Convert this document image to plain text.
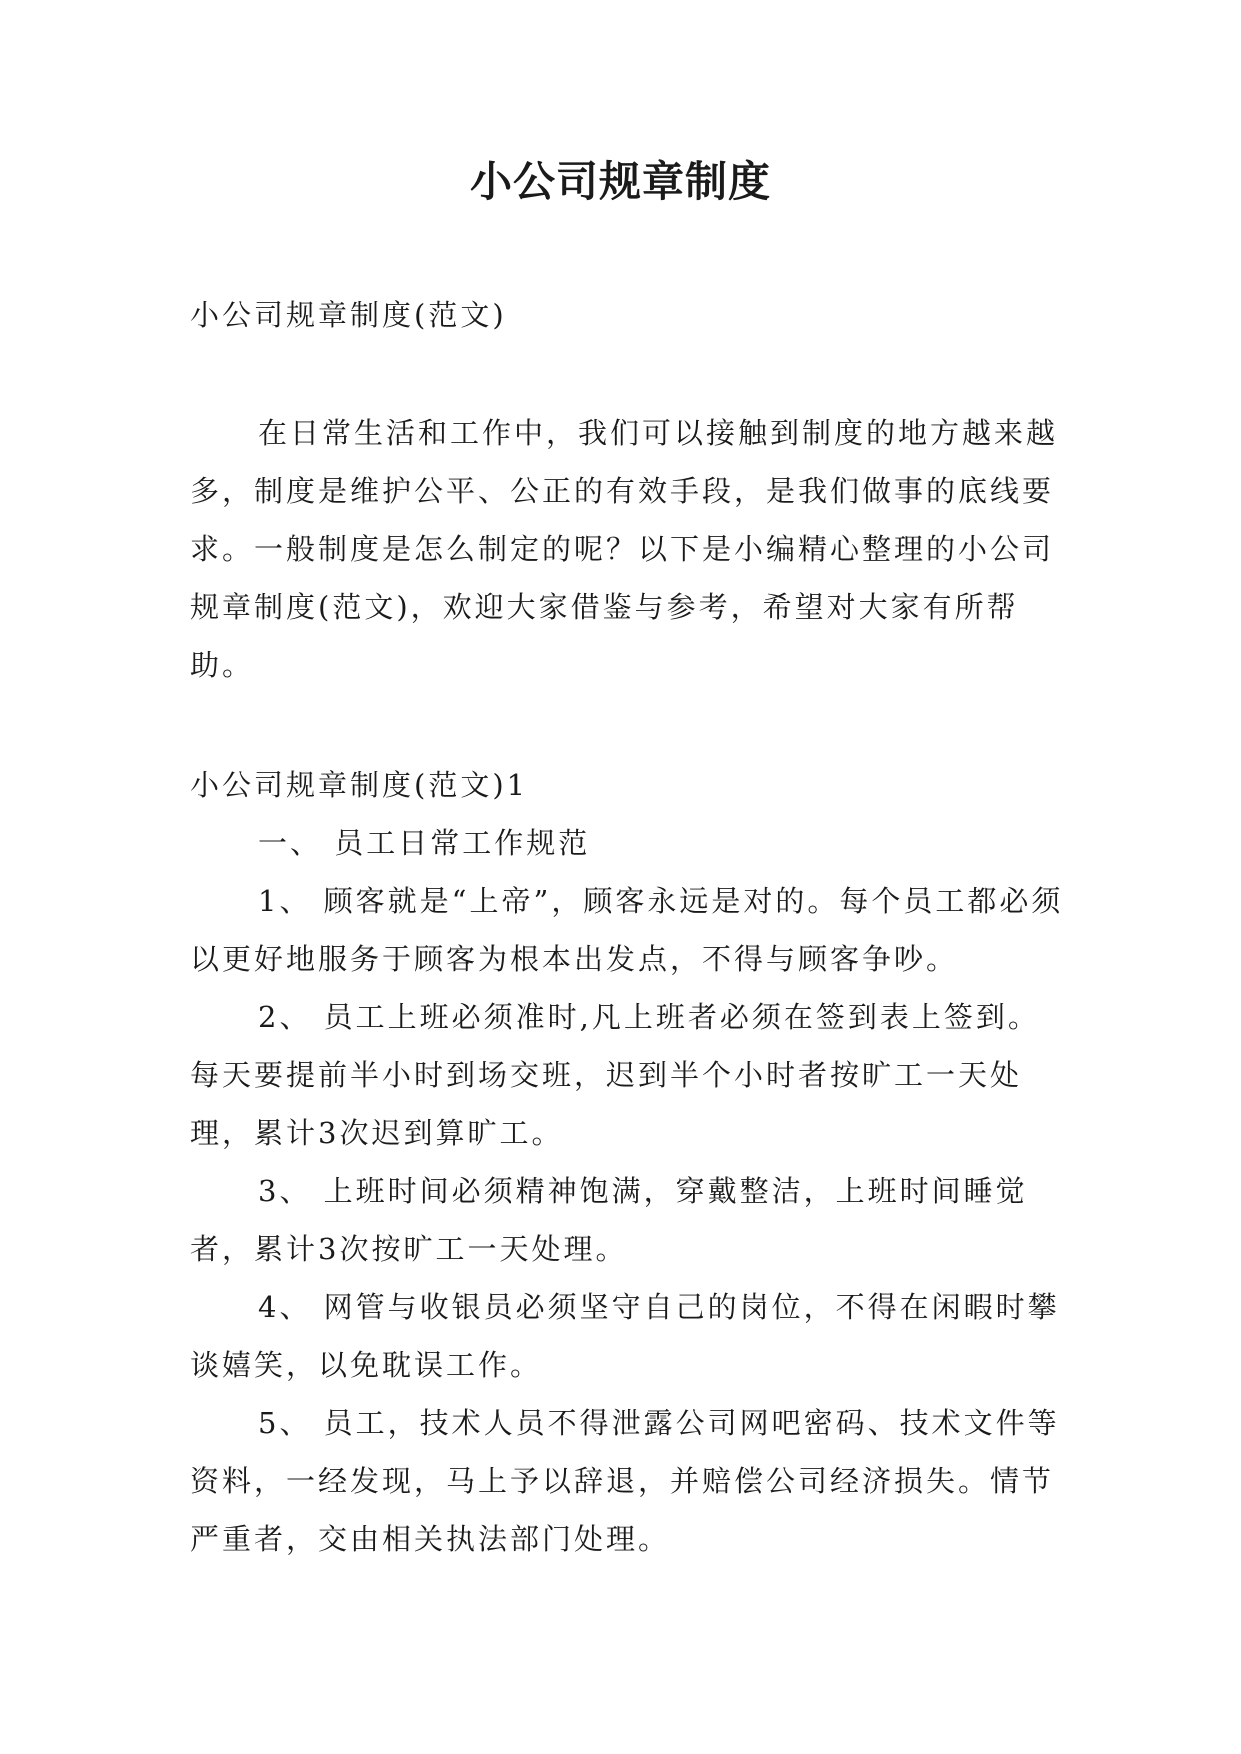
小公司规章制度

小公司规章制度(范文)

在日常生活和工作中，我们可以接触到制度的地方越来越多，制度是维护公平、公正的有效手段，是我们做事的底线要求。一般制度是怎么制定的呢？以下是小编精心整理的小公司规章制度(范文)，欢迎大家借鉴与参考，希望对大家有所帮助。

小公司规章制度(范文)1

一、 员工日常工作规范

1、 顾客就是“上帝”，顾客永远是对的。每个员工都必须以更好地服务于顾客为根本出发点，不得与顾客争吵。

2、 员工上班必须准时,凡上班者必须在签到表上签到。每天要提前半小时到场交班，迟到半个小时者按旷工一天处理，累计3次迟到算旷工。

3、 上班时间必须精神饱满，穿戴整洁，上班时间睡觉者，累计3次按旷工一天处理。

4、 网管与收银员必须坚守自己的岗位，不得在闲暇时攀谈嬉笑，以免耽误工作。

5、 员工，技术人员不得泄露公司网吧密码、技术文件等资料，一经发现，马上予以辞退，并赔偿公司经济损失。情节严重者，交由相关执法部门处理。
